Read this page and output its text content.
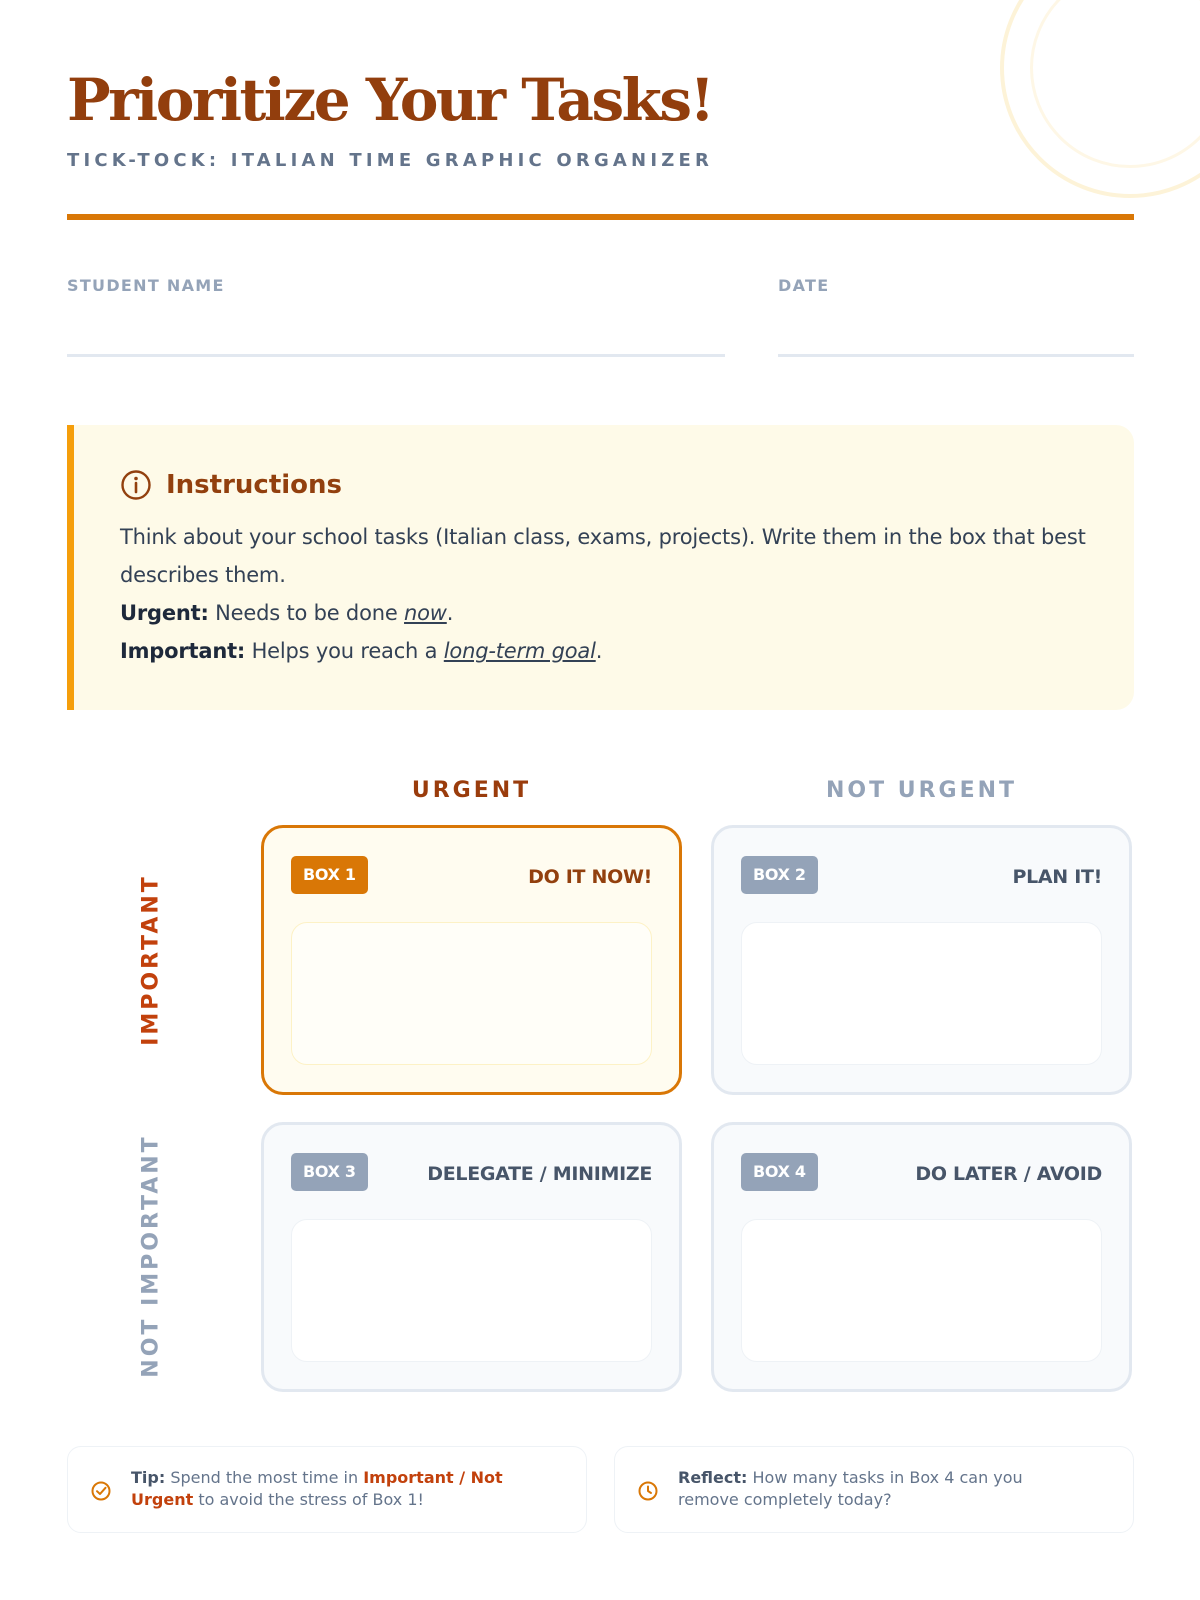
Prioritize Your Tasks!
TICK-TOCK: ITALIAN TIME GRAPHIC ORGANIZER
STUDENT NAME	DATE
Instructions

Think about your school tasks (Italian class, exams, projects). Write them in the box that best describes them.

Urgent: Needs to be done now.

Important: Helps you reach a long-term goal.

URGENT	NOT URGENT
IMPORTANT
NOT IMPORTANT
BOX 1	DO IT NOW!	BOX 2	PLAN IT!
BOX 3	DELEGATE / MINIMIZE	BOX 4	DO LATER / AVOID
Tip: Spend the most time in Important / Not
Urgent to avoid the stress of Box 1!
Reflect: How many tasks in Box 4 can you remove completely today?
